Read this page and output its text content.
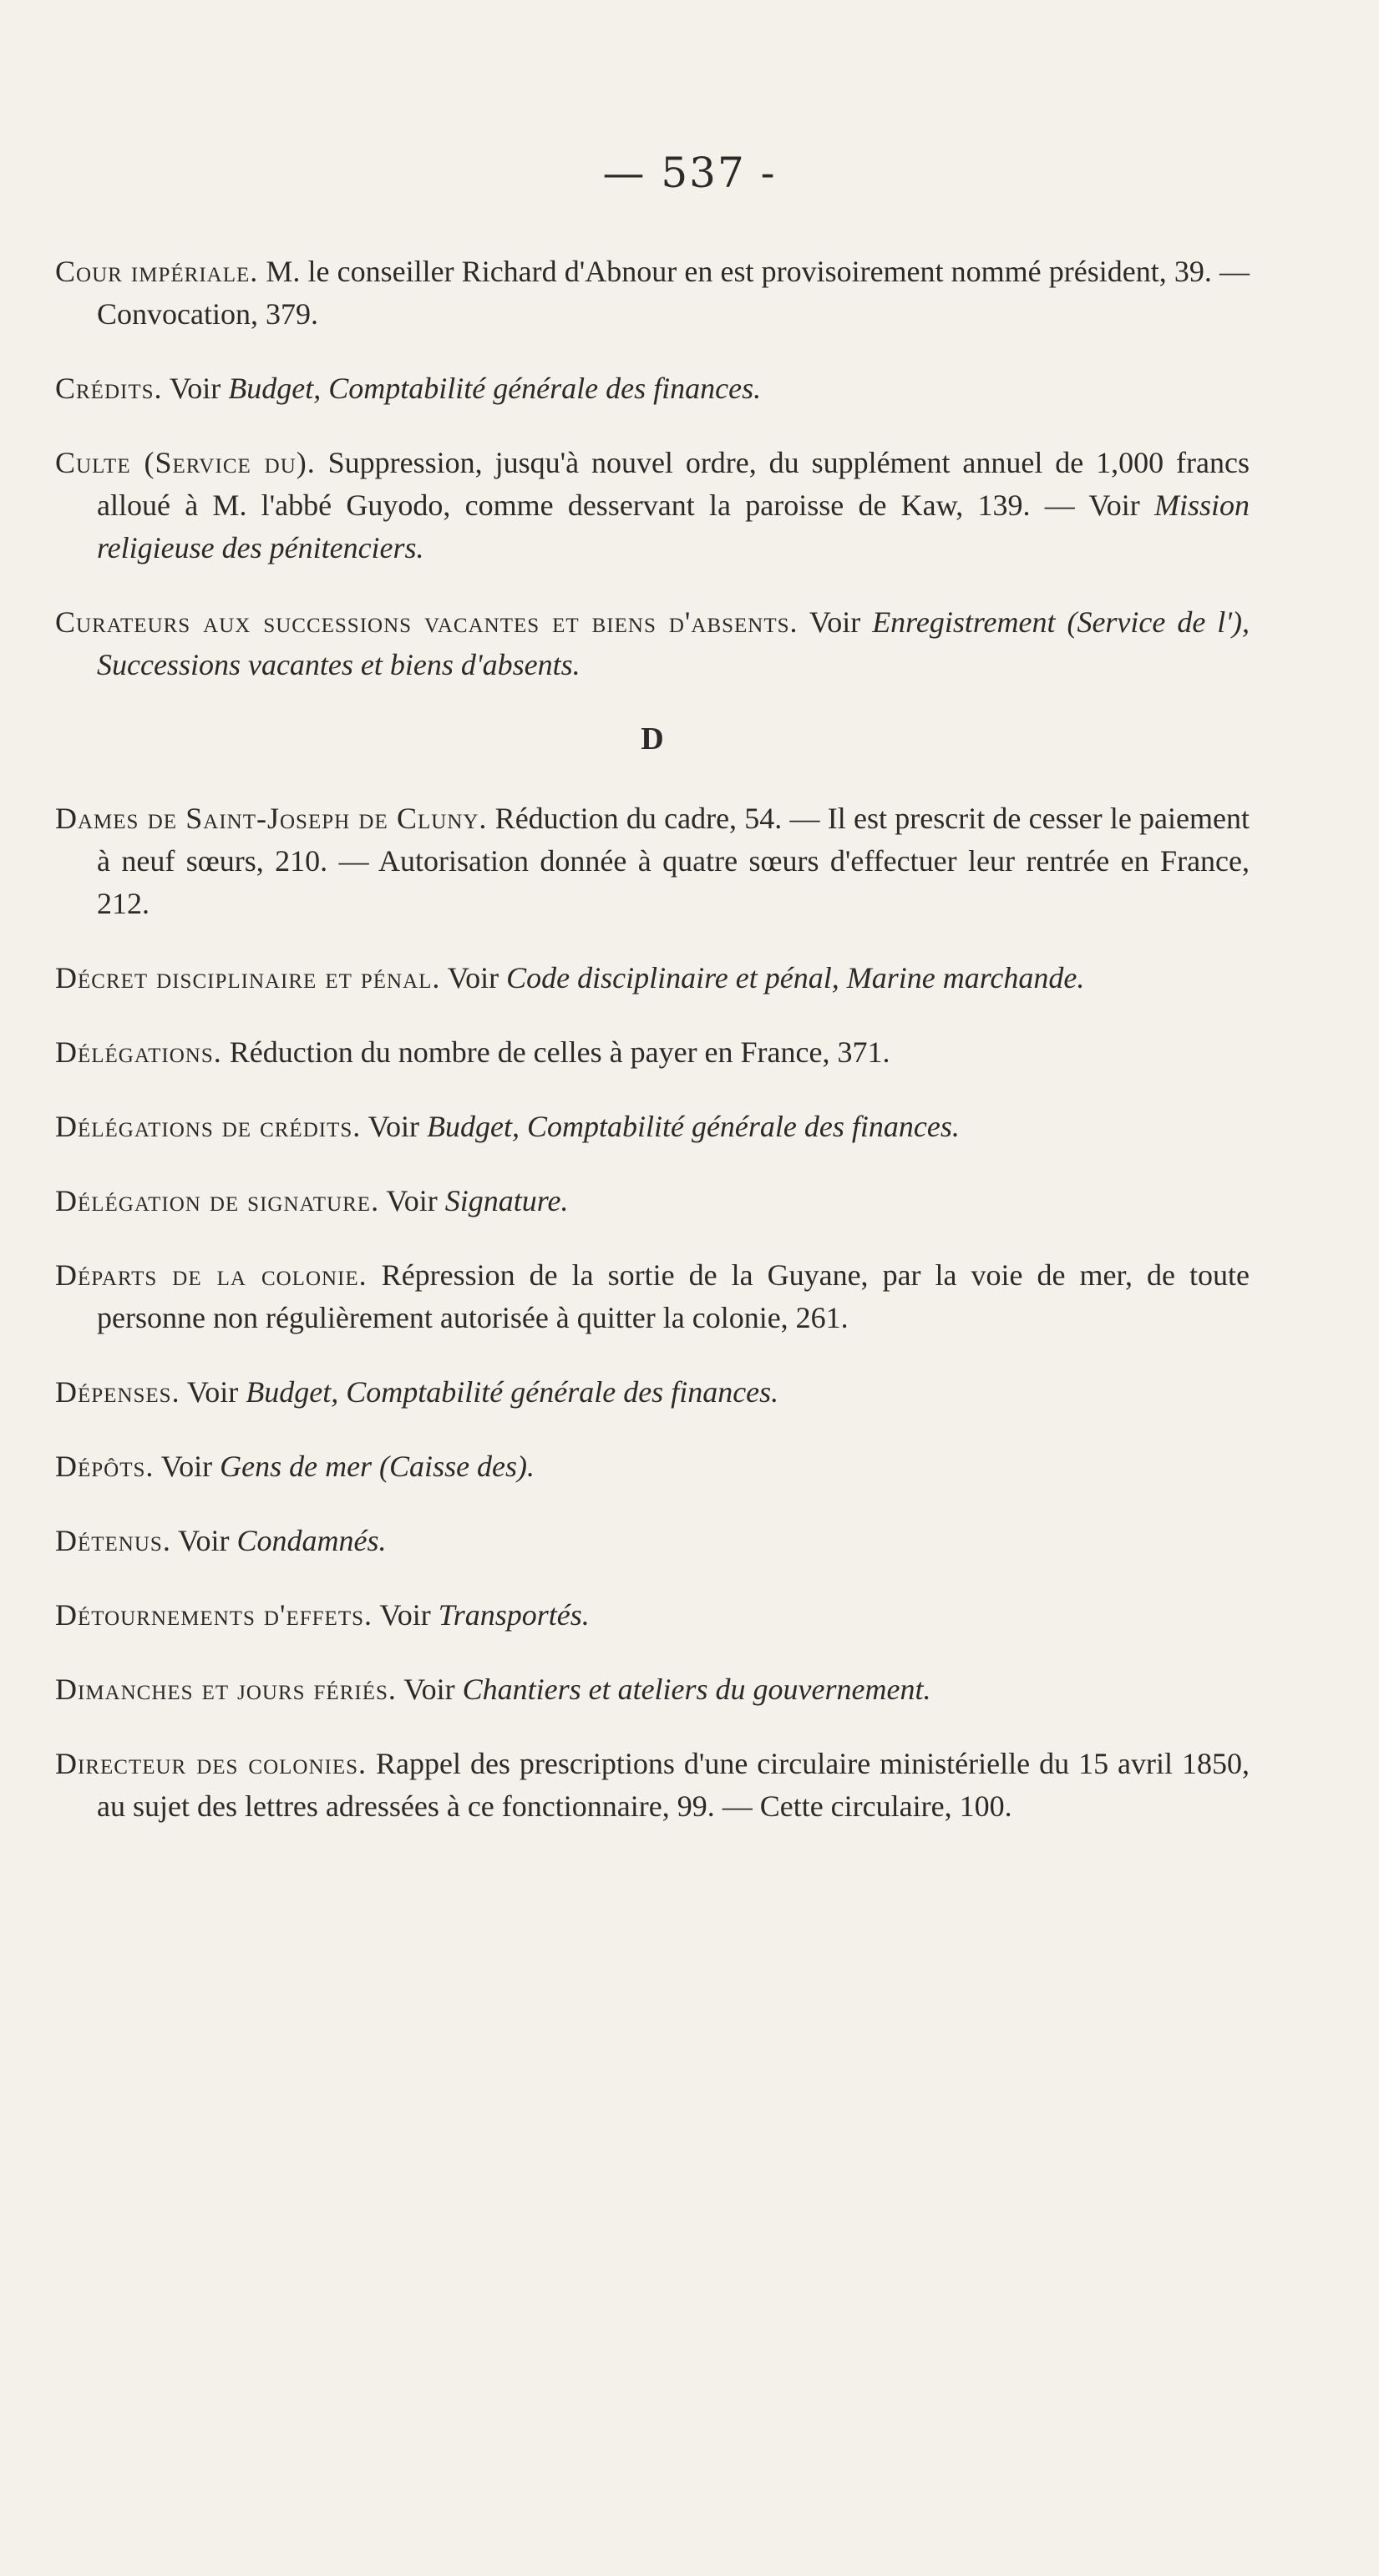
— 537 -

Cour impériale. M. le conseiller Richard d'Abnour en est provisoirement nommé président, 39. —Convocation, 379.

Crédits. Voir Budget, Comptabilité générale des finances.

Culte (Service du). Suppression, jusqu'à nouvel ordre, du supplément annuel de 1,000 francs alloué à M. l'abbé Guyodo, comme desservant la paroisse de Kaw, 139. — Voir Mission religieuse des pénitenciers.

Curateurs aux successions vacantes et biens d'absents. Voir Enregistrement (Service de l'), Successions vacantes et biens d'absents.

D

Dames de Saint-Joseph de Cluny. Réduction du cadre, 54. — Il est prescrit de cesser le paiement à neuf sœurs, 210. — Autorisation donnée à quatre sœurs d'effectuer leur rentrée en France, 212.

Décret disciplinaire et pénal. Voir Code disciplinaire et pénal, Marine marchande.

Délégations. Réduction du nombre de celles à payer en France, 371.

Délégations de crédits. Voir Budget, Comptabilité générale des finances.

Délégation de signature. Voir Signature.

Départs de la colonie. Répression de la sortie de la Guyane, par la voie de mer, de toute personne non régulièrement autorisée à quitter la colonie, 261.

Dépenses. Voir Budget, Comptabilité générale des finances.

Dépôts. Voir Gens de mer (Caisse des).

Détenus. Voir Condamnés.

Détournements d'effets. Voir Transportés.

Dimanches et jours fériés. Voir Chantiers et ateliers du gouvernement.

Directeur des colonies. Rappel des prescriptions d'une circulaire ministérielle du 15 avril 1850, au sujet des lettres adressées à ce fonctionnaire, 99. — Cette circulaire, 100.
